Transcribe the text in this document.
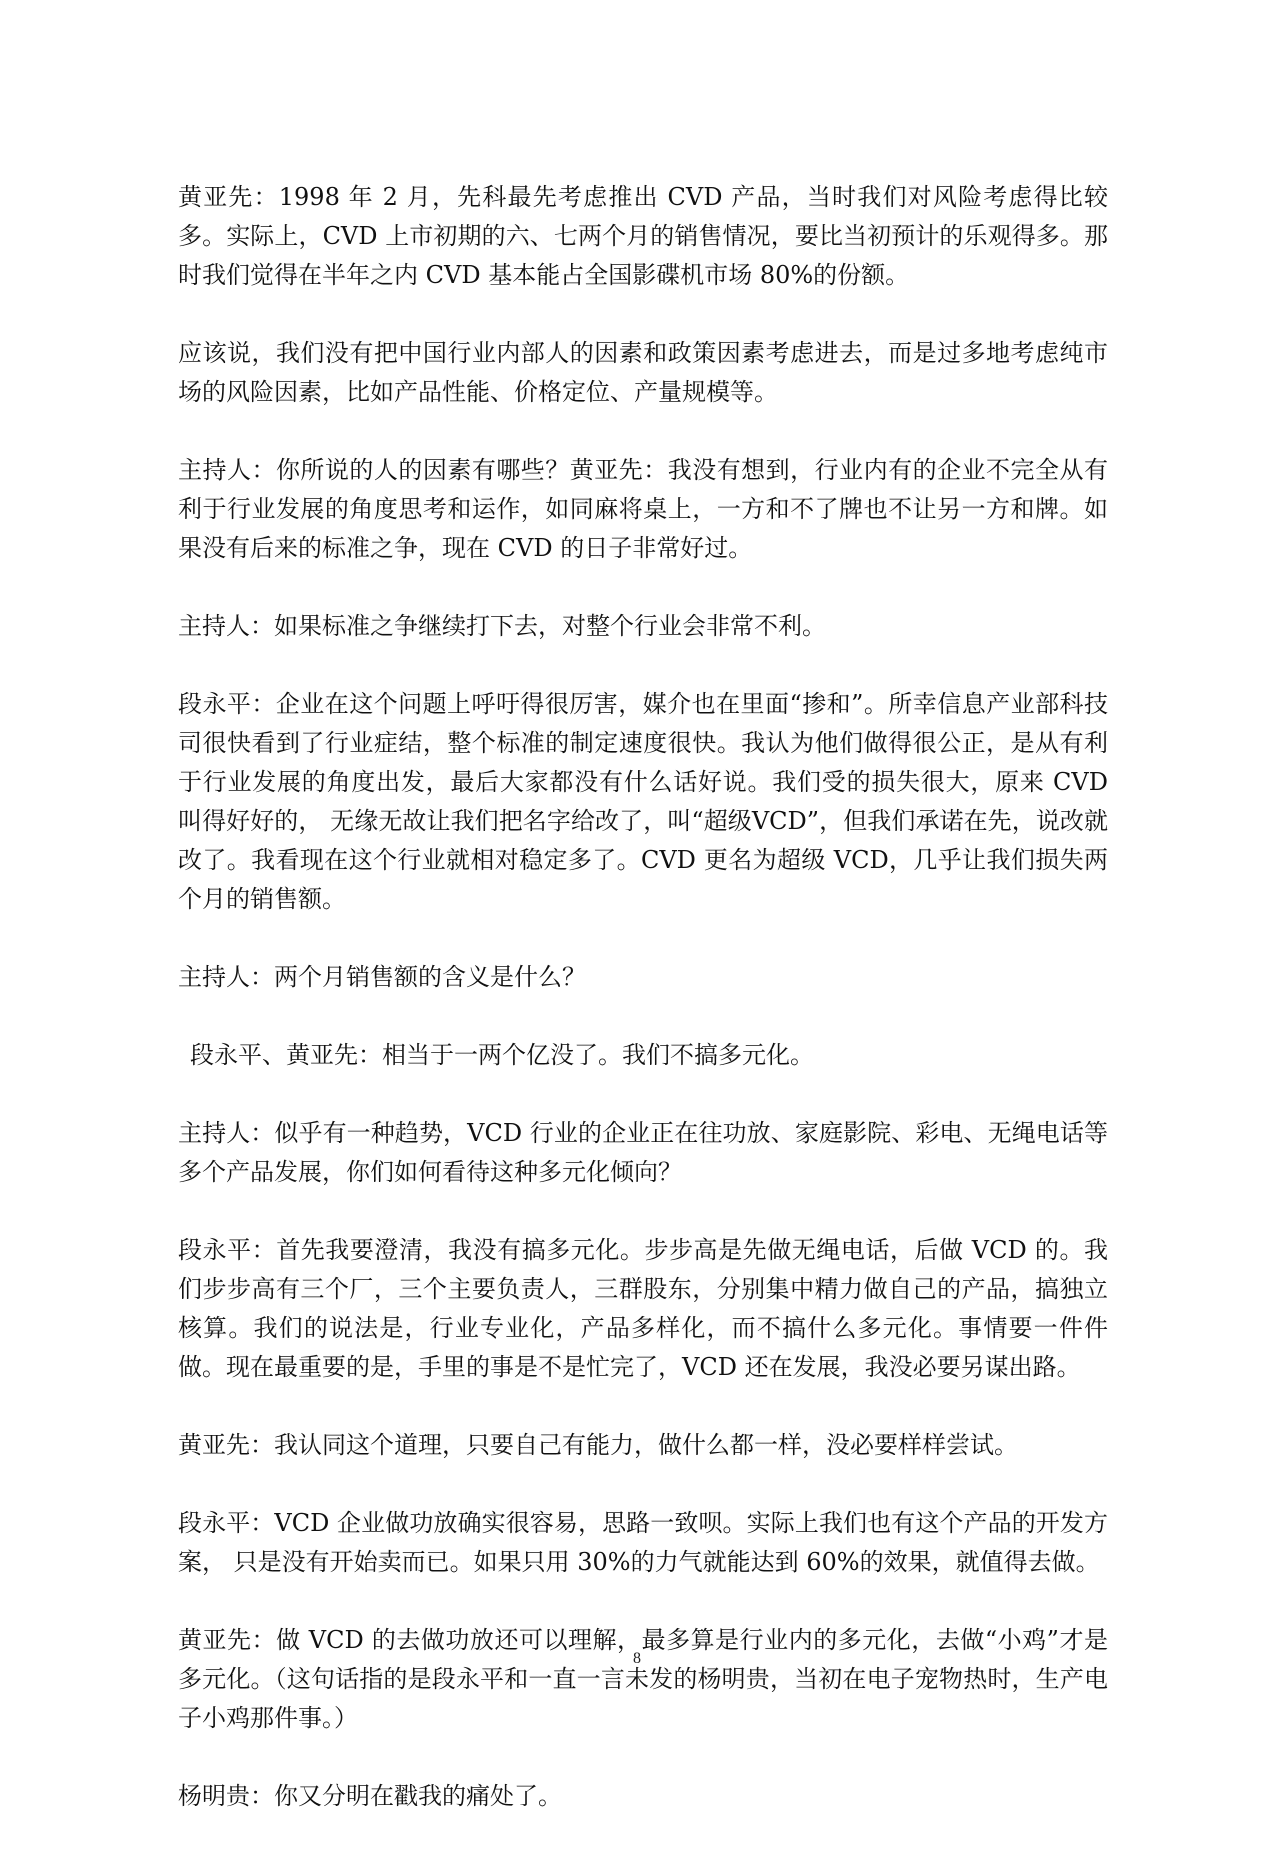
黄亚先：1998 年 2 月，先科最先考虑推出 CVD 产品，当时我们对风险考虑得比较多。实际上，CVD 上市初期的六、七两个月的销售情况，要比当初预计的乐观得多。那时我们觉得在半年之内 CVD 基本能占全国影碟机市场 80%的份额。

应该说，我们没有把中国行业内部人的因素和政策因素考虑进去，而是过多地考虑纯市场的风险因素，比如产品性能、价格定位、产量规模等。

主持人：你所说的人的因素有哪些？黄亚先：我没有想到，行业内有的企业不完全从有利于行业发展的角度思考和运作，如同麻将桌上，一方和不了牌也不让另一方和牌。如果没有后来的标准之争，现在 CVD 的日子非常好过。

主持人：如果标准之争继续打下去，对整个行业会非常不利。

段永平：企业在这个问题上呼吁得很厉害，媒介也在里面“掺和”。所幸信息产业部科技司很快看到了行业症结，整个标准的制定速度很快。我认为他们做得很公正，是从有利于行业发展的角度出发，最后大家都没有什么话好说。我们受的损失很大，原来 CVD 叫得好好的， 无缘无故让我们把名字给改了，叫“超级VCD”，但我们承诺在先，说改就改了。我看现在这个行业就相对稳定多了。CVD 更名为超级 VCD，几乎让我们损失两个月的销售额。

主持人：两个月销售额的含义是什么？

段永平、黄亚先：相当于一两个亿没了。我们不搞多元化。

主持人：似乎有一种趋势，VCD 行业的企业正在往功放、家庭影院、彩电、无绳电话等多个产品发展，你们如何看待这种多元化倾向？

段永平：首先我要澄清，我没有搞多元化。步步高是先做无绳电话，后做 VCD 的。我们步步高有三个厂，三个主要负责人，三群股东，分别集中精力做自己的产品，搞独立核算。我们的说法是，行业专业化，产品多样化，而不搞什么多元化。事情要一件件做。现在最重要的是，手里的事是不是忙完了，VCD 还在发展，我没必要另谋出路。

黄亚先：我认同这个道理，只要自己有能力，做什么都一样，没必要样样尝试。

段永平：VCD 企业做功放确实很容易，思路一致呗。实际上我们也有这个产品的开发方案， 只是没有开始卖而已。如果只用 30%的力气就能达到 60%的效果，就值得去做。

黄亚先：做 VCD 的去做功放还可以理解，最多算是行业内的多元化，去做“小鸡”才是多元化。（这句话指的是段永平和一直一言未发的杨明贵，当初在电子宠物热时，生产电子小鸡那件事。）

杨明贵：你又分明在戳我的痛处了。

8
